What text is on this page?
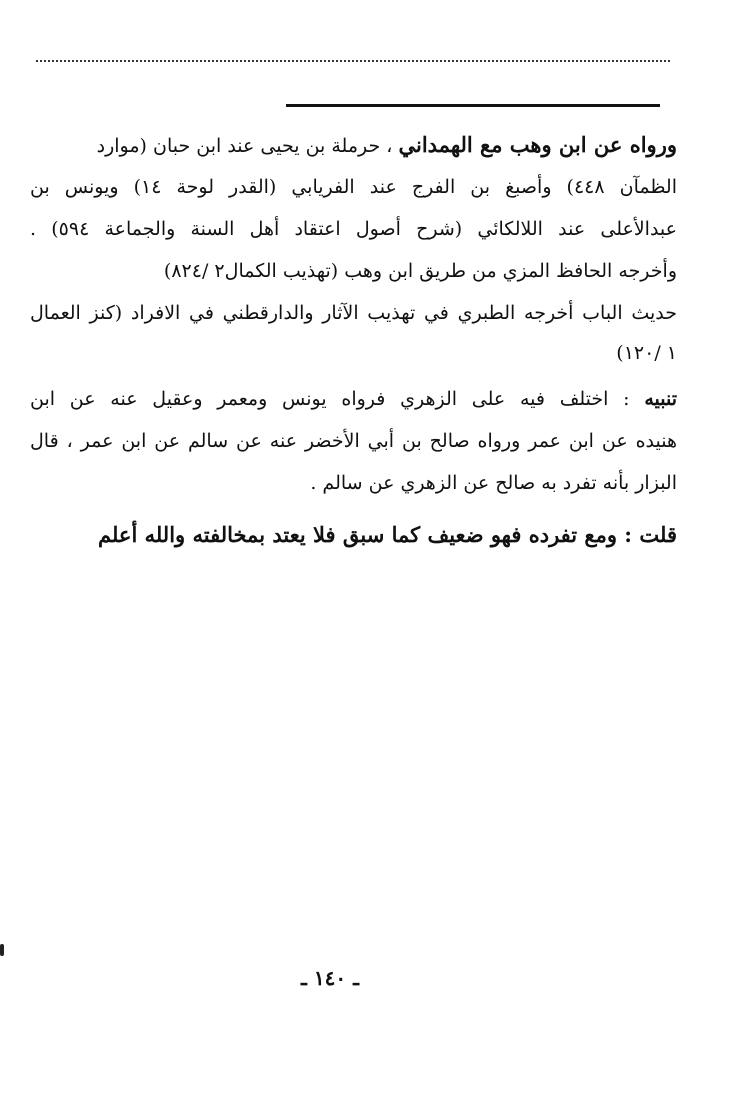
ورواه عن ابن وهب مع الهمداني ، حرملة بن يحيى عند ابن حبان (موارد
الظمآن ٤٤٨) وأصبغ بن الفرج عند الفريابي (القدر لوحة ١٤) ويونس بن
عبدالأعلى عند اللالكائي (شرح أصول اعتقاد أهل السنة والجماعة ٥٩٤) .
وأخرجه الحافظ المزي من طريق ابن وهب (تهذيب الكمال٢ /٨٢٤)
حديث الباب أخرجه الطبري في تهذيب الآثار والدارقطني في الافراد (كنز العمال
١ /١٢٠)
تنبيه : اختلف فيه على الزهري فرواه يونس ومعمر وعقيل عنه عن ابن
هنيده عن ابن عمر ورواه صالح بن أبي الأخضر عنه عن سالم عن ابن عمر ، قال
البزار بأنه تفرد به صالح عن الزهري عن سالم .
قلت : ومع تفرده فهو ضعيف كما سبق فلا يعتد بمخالفته والله أعلم
ـ ١٤٠ ـ
